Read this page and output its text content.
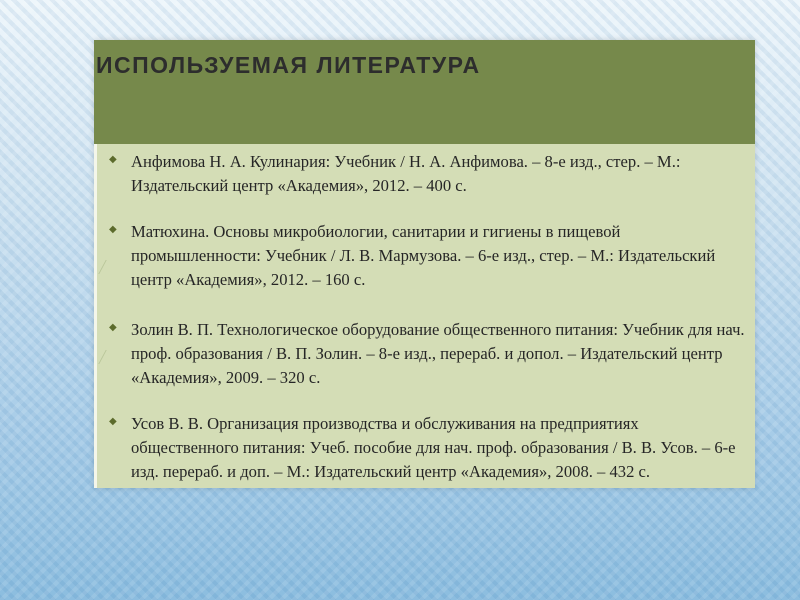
ИСПОЛЬЗУЕМАЯ ЛИТЕРАТУРА
◆ Анфимова Н. А. Кулинария: Учебник / Н. А. Анфимова. – 8-е изд., стер. – М.: Издательский центр «Академия», 2012. – 400 с.
◆ Матюхина. Основы микробиологии, санитарии и гигиены в пищевой промышленности: Учебник / Л. В. Мармузова. – 6-е изд., стер. – М.: Издательский центр «Академия», 2012. – 160 с.
◆ Золин В. П. Технологическое оборудование общественного питания: Учебник для нач. проф. образования / В. П. Золин. – 8-е изд., перераб. и допол. – Издательский центр «Академия», 2009. – 320 с.
◆ Усов В. В. Организация производства и обслуживания на предприятиях общественного питания: Учеб. пособие для нач. проф. образования / В. В. Усов. – 6-е изд. перераб. и доп. – М.: Издательский центр «Академия», 2008. – 432 с.
